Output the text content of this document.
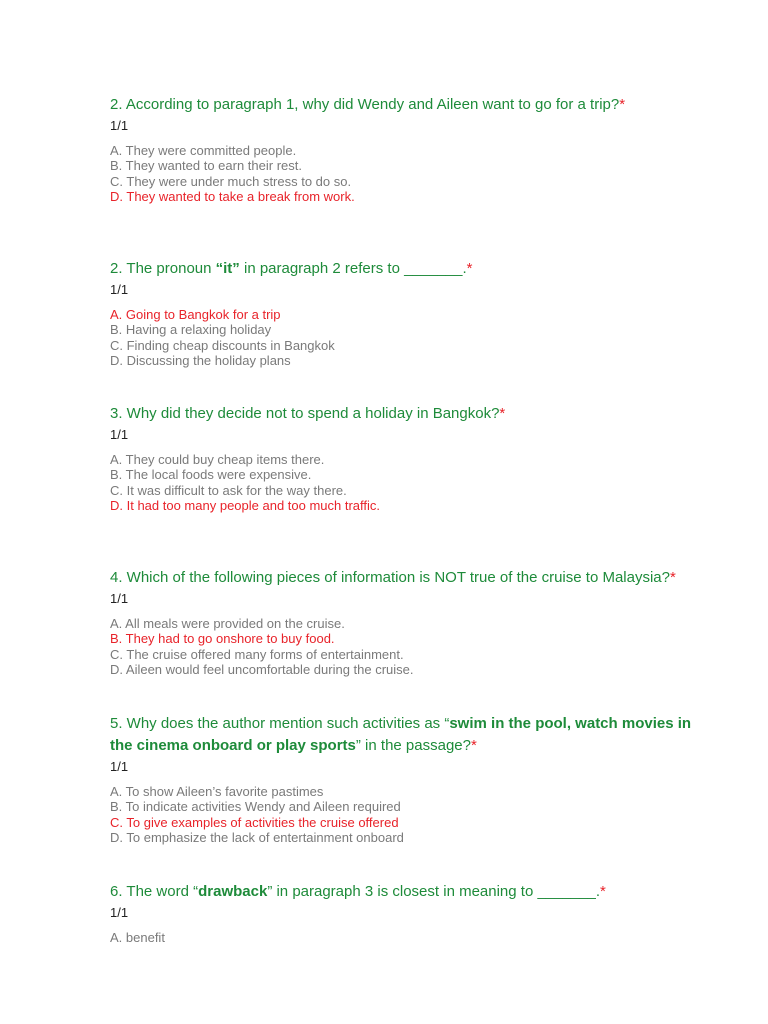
2. According to paragraph 1, why did Wendy and Aileen want to go for a trip?*

1/1
A. They were committed people.
B. They wanted to earn their rest.
C. They were under much stress to do so.
D. They wanted to take a break from work.

2. The pronoun “it” in paragraph 2 refers to _______.*

1/1
A. Going to Bangkok for a trip
B. Having a relaxing holiday
C. Finding cheap discounts in Bangkok
D. Discussing the holiday plans

3. Why did they decide not to spend a holiday in Bangkok?*

1/1
A. They could buy cheap items there.
B. The local foods were expensive.
C. It was difficult to ask for the way there.
D. It had too many people and too much traffic.

4. Which of the following pieces of information is NOT true of the cruise to Malaysia?*

1/1
A. All meals were provided on the cruise.
B. They had to go onshore to buy food.
C. The cruise offered many forms of entertainment.
D. Aileen would feel uncomfortable during the cruise.

5. Why does the author mention such activities as “swim in the pool, watch movies in the cinema onboard or play sports” in the passage?*

1/1
A. To show Aileen’s favorite pastimes
B. To indicate activities Wendy and Aileen required
C. To give examples of activities the cruise offered
D. To emphasize the lack of entertainment onboard

6. The word “drawback” in paragraph 3 is closest in meaning to _______.*

1/1
A. benefit
